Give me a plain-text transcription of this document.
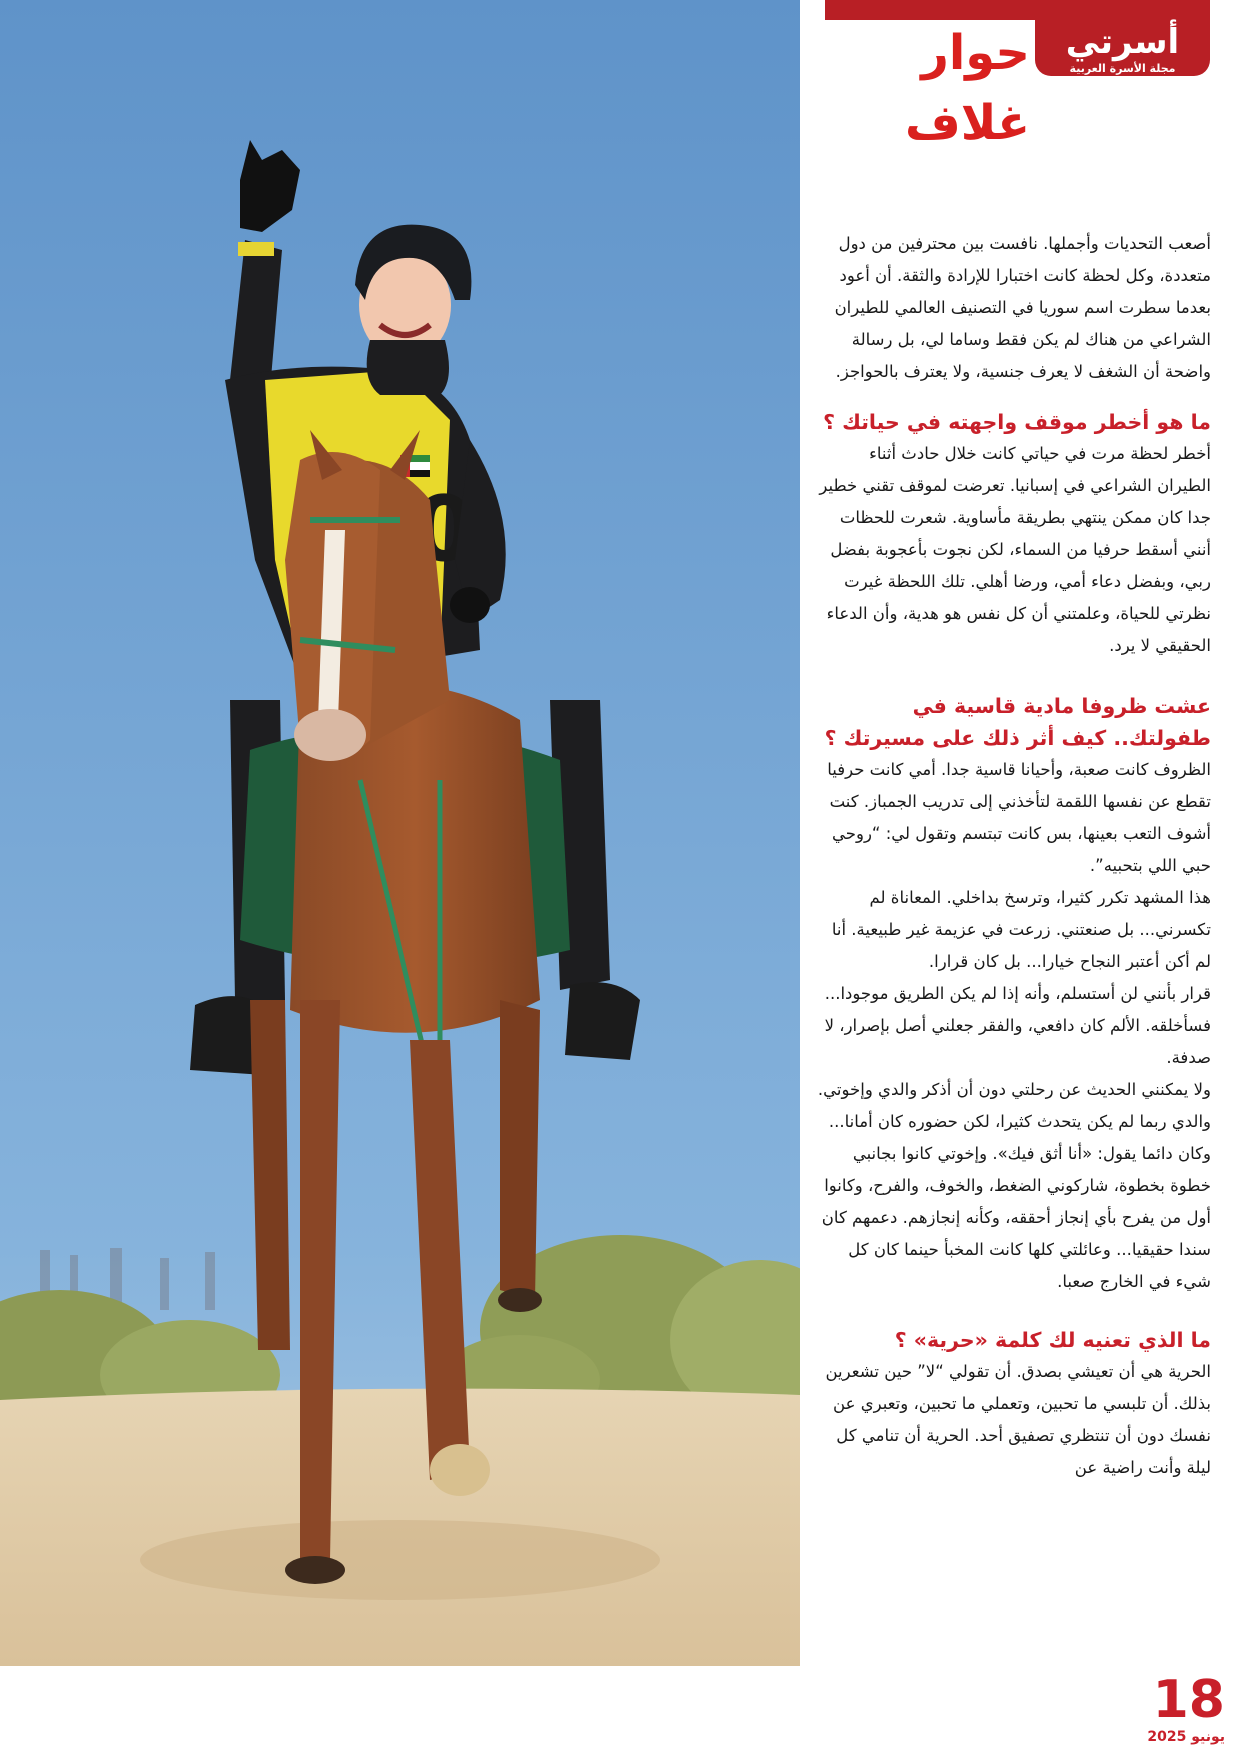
أسرتي
مجلة الأسرة العربية
حوار غلاف

أصعب التحديات وأجملها. نافست بين محترفين من دول متعددة، وكل لحظة كانت اختبارا للإرادة والثقة. أن أعود بعدما سطرت اسم سوريا في التصنيف العالمي للطيران الشراعي من هناك لم يكن فقط وساما لي، بل رسالة واضحة أن الشغف لا يعرف جنسية، ولا يعترف بالحواجز.

ما هو أخطر موقف واجهته في حياتك ؟

أخطر لحظة مرت في حياتي كانت خلال حادث أثناء الطيران الشراعي في إسبانيا. تعرضت لموقف تقني خطير جدا كان ممكن ينتهي بطريقة مأساوية. شعرت للحظات أنني أسقط حرفيا من السماء، لكن نجوت بأعجوبة بفضل ربي، وبفضل دعاء أمي، ورضا أهلي. تلك اللحظة غيرت نظرتي للحياة، وعلمتني أن كل نفس هو هدية، وأن الدعاء الحقيقي لا يرد.

عشت ظروفا مادية قاسية في طفولتك.. كيف أثر ذلك على مسيرتك ؟

الظروف كانت صعبة، وأحيانا قاسية جدا. أمي كانت حرفيا تقطع عن نفسها اللقمة لتأخذني إلى تدريب الجمباز. كنت أشوف التعب بعينها، بس كانت تبتسم وتقول لي: “روحي حبي اللي بتحبيه”.

هذا المشهد تكرر كثيرا، وترسخ بداخلي. المعاناة لم تكسرني... بل صنعتني. زرعت في عزيمة غير طبيعية. أنا لم أكن أعتبر النجاح خيارا... بل كان قرارا.

قرار بأنني لن أستسلم، وأنه إذا لم يكن الطريق موجودا... فسأخلقه. الألم كان دافعي، والفقر جعلني أصل بإصرار، لا صدفة.

ولا يمكنني الحديث عن رحلتي دون أن أذكر والدي وإخوتي. والدي ربما لم يكن يتحدث كثيرا، لكن حضوره كان أمانا... وكان دائما يقول: «أنا أثق فيك». وإخوتي كانوا بجانبي خطوة بخطوة، شاركوني الضغط، والخوف، والفرح، وكانوا أول من يفرح بأي إنجاز أحققه، وكأنه إنجازهم. دعمهم كان سندا حقيقيا... وعائلتي كلها كانت المخبأ حينما كان كل شيء في الخارج صعبا.

ما الذي تعنيه لك كلمة «حرية» ؟

الحرية هي أن تعيشي بصدق. أن تقولي “لا” حين تشعرين بذلك. أن تلبسي ما تحبين، وتعملي ما تحبين، وتعبري عن نفسك دون أن تنتظري تصفيق أحد. الحرية أن تنامي كل ليلة وأنت راضية عن

18
يونيو 2025
